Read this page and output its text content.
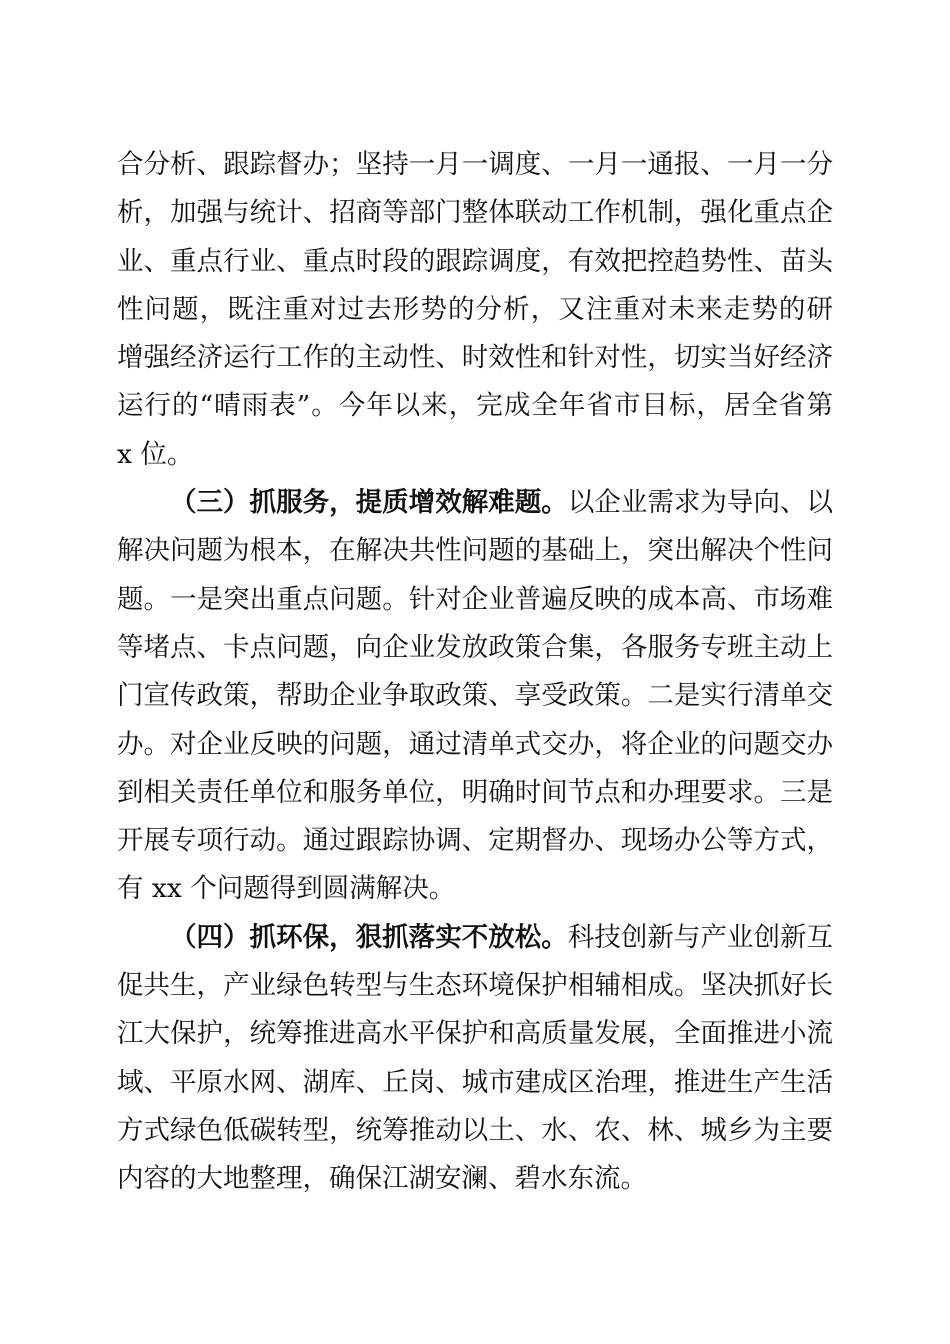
合分析、跟踪督办；坚持一月一调度、一月一通报、一月一分
析，加强与统计、招商等部门整体联动工作机制，强化重点企
业、重点行业、重点时段的跟踪调度，有效把控趋势性、苗头
性问题，既注重对过去形势的分析，又注重对未来走势的研
增强经济运行工作的主动性、时效性和针对性，切实当好经济
运行的“晴雨表”。今年以来，完成全年省市目标，居全省第
x 位。
（三）抓服务，提质增效解难题。以企业需求为导向、以
解决问题为根本，在解决共性问题的基础上，突出解决个性问
题。一是突出重点问题。针对企业普遍反映的成本高、市场难
等堵点、卡点问题，向企业发放政策合集，各服务专班主动上
门宣传政策，帮助企业争取政策、享受政策。二是实行清单交
办。对企业反映的问题，通过清单式交办，将企业的问题交办
到相关责任单位和服务单位，明确时间节点和办理要求。三是
开展专项行动。通过跟踪协调、定期督办、现场办公等方式，
有 xx 个问题得到圆满解决。
（四）抓环保，狠抓落实不放松。科技创新与产业创新互
促共生，产业绿色转型与生态环境保护相辅相成。坚决抓好长
江大保护，统筹推进高水平保护和高质量发展，全面推进小流
域、平原水网、湖库、丘岗、城市建成区治理，推进生产生活
方式绿色低碳转型，统筹推动以土、水、农、林、城乡为主要
内容的大地整理，确保江湖安澜、碧水东流。
